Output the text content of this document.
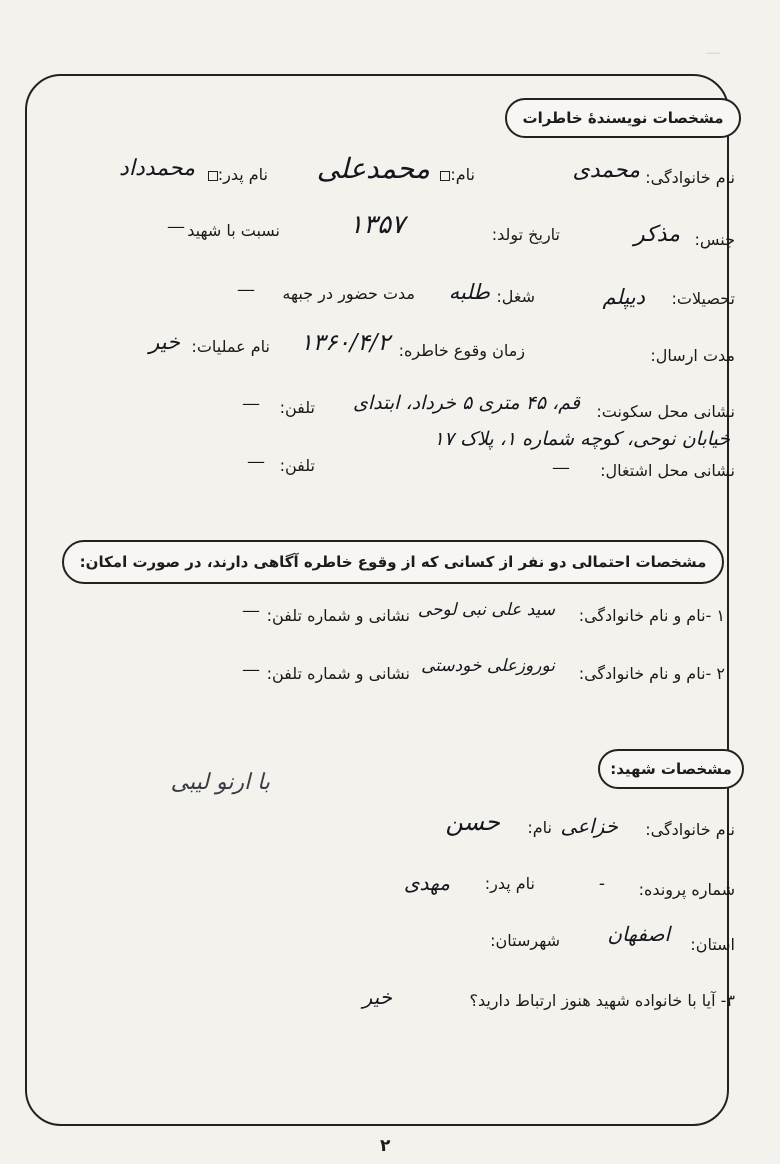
ـــ
مشخصات نویسندهٔ خاطرات
نام خانوادگی:
محمدی
نام:
محمدعلی
نام پدر:
محمدداد
جنس:
مذکر
تاریخ تولد:
۱۳۵۷
نسبت با شهید
—
تحصیلات:
دیپلم
شغل:
طلبه
مدت حضور در جبهه
—
مدت ارسال:
زمان وقوع خاطره:
۱۳۶۰/۴/۲
نام عملیات:
خیر
نشانی محل سکونت:
قم، ۴۵ متری ۵ خرداد، ابتدای
تلفن:
—
خیابان نوحی، کوچه شماره ۱، پلاک ۱۷
نشانی محل اشتغال:
—
تلفن:
—
مشخصات احتمالی دو نفر از کسانی که از وقوع خاطره آگاهی دارند، در صورت امکان:
۱ -نام و نام خانوادگی:
سید علی نبی لوحی
نشانی و شماره تلفن:
—
۲ -نام و نام خانوادگی:
نوروزعلی خودستی
نشانی و شماره تلفن:
—
مشخصات شهید:
با ارنو لیبی
نام خانوادگی:
خزاعی
نام:
حسن
شماره پرونده:
-
نام پدر:
مهدی
استان:
اصفهان
شهرستان:
۳- آیا با خانواده شهید هنوز ارتباط دارید؟
خیر
۲
